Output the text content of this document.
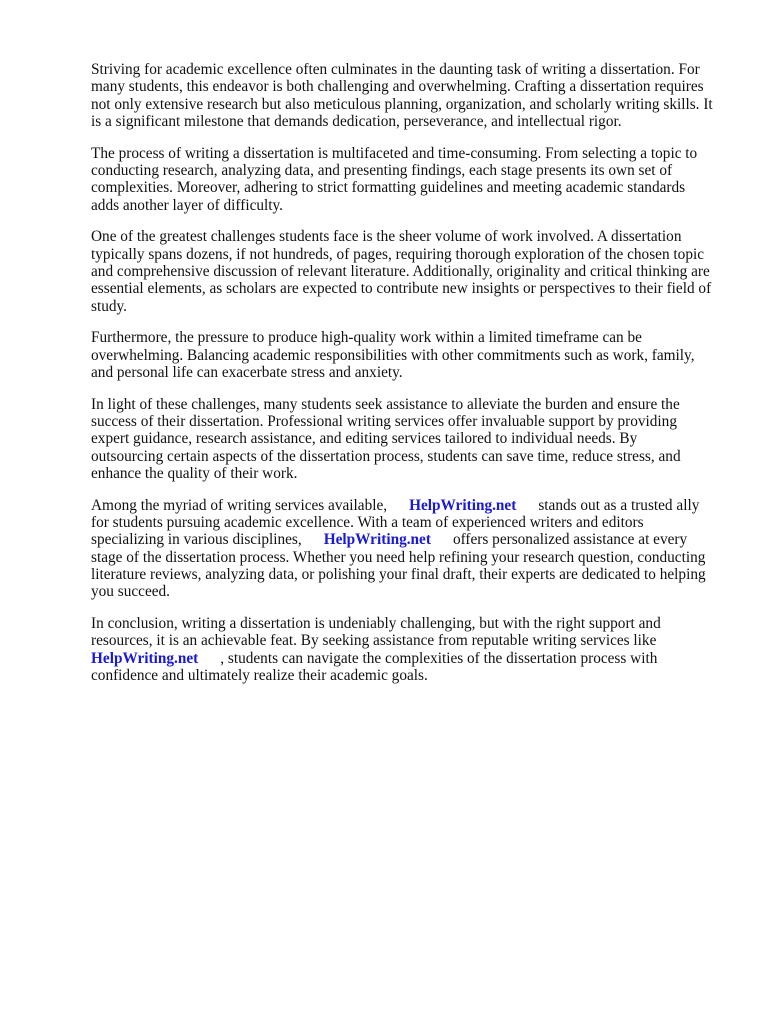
Striving for academic excellence often culminates in the daunting task of writing a dissertation. For
many students, this endeavor is both challenging and overwhelming. Crafting a dissertation requires
not only extensive research but also meticulous planning, organization, and scholarly writing skills. It
is a significant milestone that demands dedication, perseverance, and intellectual rigor.
The process of writing a dissertation is multifaceted and time-consuming. From selecting a topic to
conducting research, analyzing data, and presenting findings, each stage presents its own set of
complexities. Moreover, adhering to strict formatting guidelines and meeting academic standards
adds another layer of difficulty.
One of the greatest challenges students face is the sheer volume of work involved. A dissertation
typically spans dozens, if not hundreds, of pages, requiring thorough exploration of the chosen topic
and comprehensive discussion of relevant literature. Additionally, originality and critical thinking are
essential elements, as scholars are expected to contribute new insights or perspectives to their field of
study.
Furthermore, the pressure to produce high-quality work within a limited timeframe can be
overwhelming. Balancing academic responsibilities with other commitments such as work, family,
and personal life can exacerbate stress and anxiety.
In light of these challenges, many students seek assistance to alleviate the burden and ensure the
success of their dissertation. Professional writing services offer invaluable support by providing
expert guidance, research assistance, and editing services tailored to individual needs. By
outsourcing certain aspects of the dissertation process, students can save time, reduce stress, and
enhance the quality of their work.
Among the myriad of writing services available, HelpWriting.net stands out as a trusted ally
for students pursuing academic excellence. With a team of experienced writers and editors
specializing in various disciplines, HelpWriting.net offers personalized assistance at every
stage of the dissertation process. Whether you need help refining your research question, conducting
literature reviews, analyzing data, or polishing your final draft, their experts are dedicated to helping
you succeed.
In conclusion, writing a dissertation is undeniably challenging, but with the right support and
resources, it is an achievable feat. By seeking assistance from reputable writing services like
HelpWriting.net , students can navigate the complexities of the dissertation process with
confidence and ultimately realize their academic goals.
